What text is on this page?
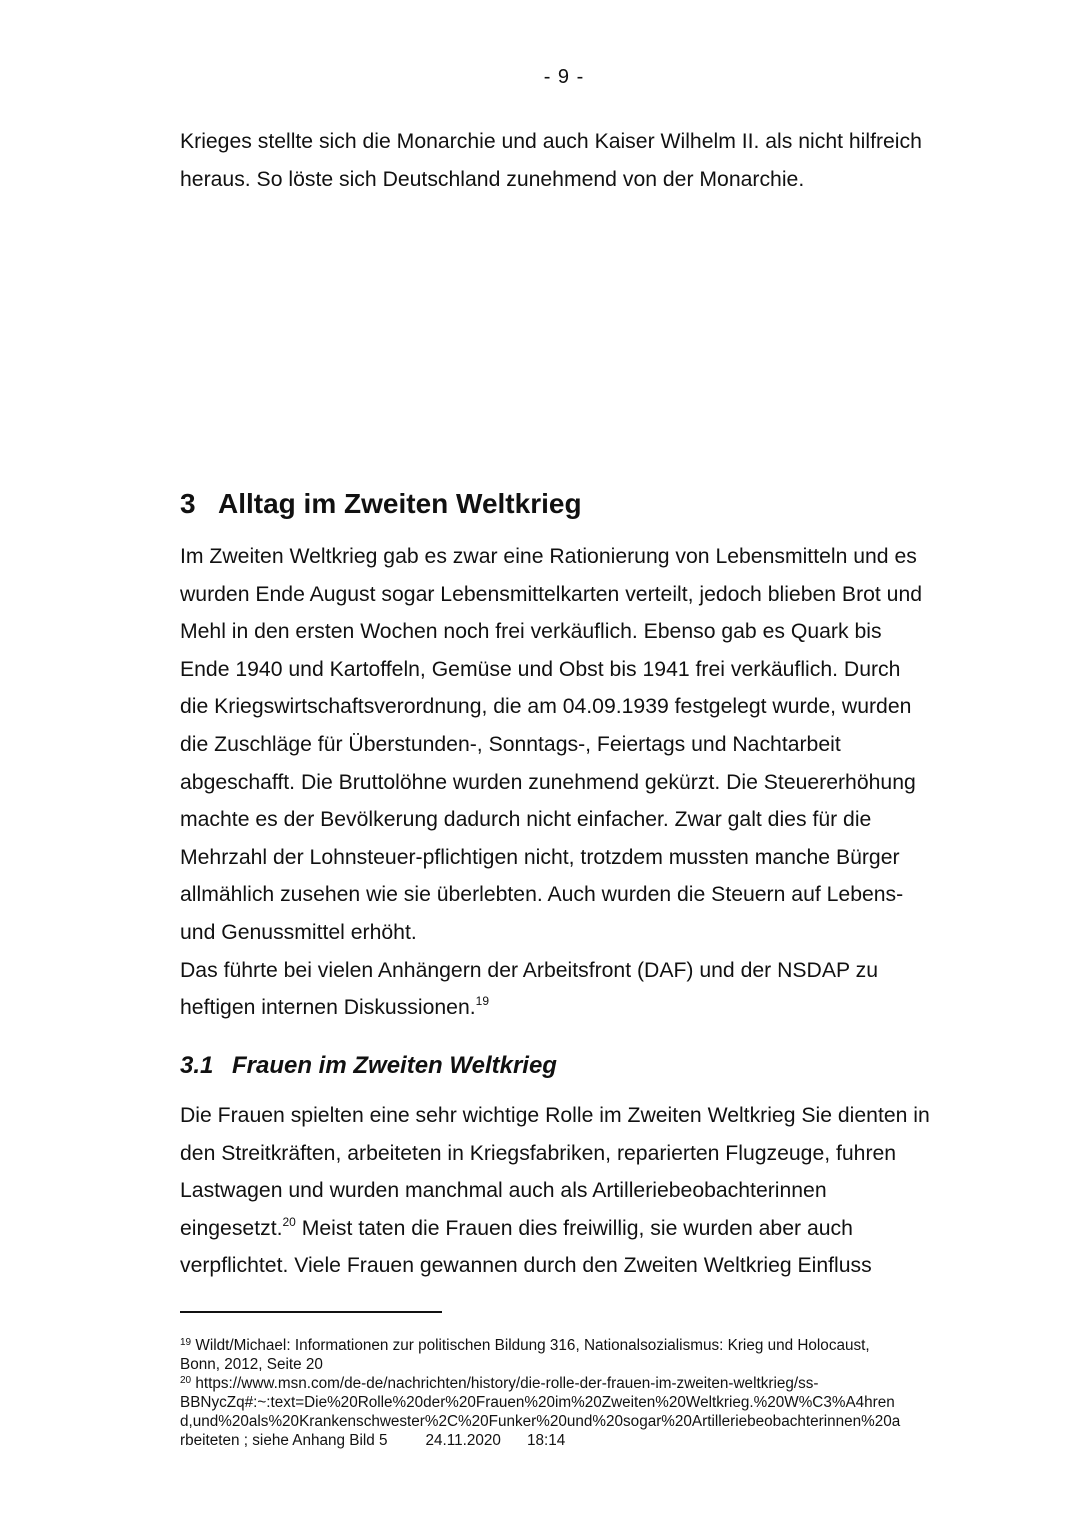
- 9 -

Krieges stellte sich die Monarchie und auch Kaiser Wilhelm II. als nicht hilfreich
heraus. So löste sich Deutschland zunehmend von der Monarchie.

3 Alltag im Zweiten Weltkrieg

Im Zweiten Weltkrieg gab es zwar eine Rationierung von Lebensmitteln und es
wurden Ende August sogar Lebensmittelkarten verteilt, jedoch blieben Brot und
Mehl in den ersten Wochen noch frei verkäuflich. Ebenso gab es Quark bis
Ende 1940 und Kartoffeln, Gemüse und Obst bis 1941 frei verkäuflich. Durch
die Kriegswirtschaftsverordnung, die am 04.09.1939 festgelegt wurde, wurden
die Zuschläge für Überstunden-, Sonntags-, Feiertags und Nachtarbeit
abgeschafft. Die Bruttolöhne wurden zunehmend gekürzt. Die Steuererhöhung
machte es der Bevölkerung dadurch nicht einfacher. Zwar galt dies für die
Mehrzahl der Lohnsteuer-pflichtigen nicht, trotzdem mussten manche Bürger
allmählich zusehen wie sie überlebten. Auch wurden die Steuern auf Lebens-
und Genussmittel erhöht.
Das führte bei vielen Anhängern der Arbeitsfront (DAF) und der NSDAP zu
heftigen internen Diskussionen.$^{19}$

3.1 Frauen im Zweiten Weltkrieg

Die Frauen spielten eine sehr wichtige Rolle im Zweiten Weltkrieg Sie dienten in
den Streitkräften, arbeiteten in Kriegsfabriken, reparierten Flugzeuge, fuhren
Lastwagen und wurden manchmal auch als Artilleriebeobachterinnen
eingesetzt.$^{20}$ Meist taten die Frauen dies freiwillig, sie wurden aber auch
verpflichtet. Viele Frauen gewannen durch den Zweiten Weltkrieg Einfluss

$^{19}$ Wildt/Michael: Informationen zur politischen Bildung 316, Nationalsozialismus: Krieg und Holocaust,
Bonn, 2012, Seite 20
$^{20}$ https://www.msn.com/de-de/nachrichten/history/die-rolle-der-frauen-im-zweiten-weltkrieg/ss-
BBNycZq#:~:text=Die%20Rolle%20der%20Frauen%20im%20Zweiten%20Weltkrieg.%20W%C3%A4hren
d,und%20als%20Krankenschwester%2C%20Funker%20und%20sogar%20Artilleriebeobachterinnen%20a
rbeiteten ; siehe Anhang Bild 5 24.11.2020 18:14
